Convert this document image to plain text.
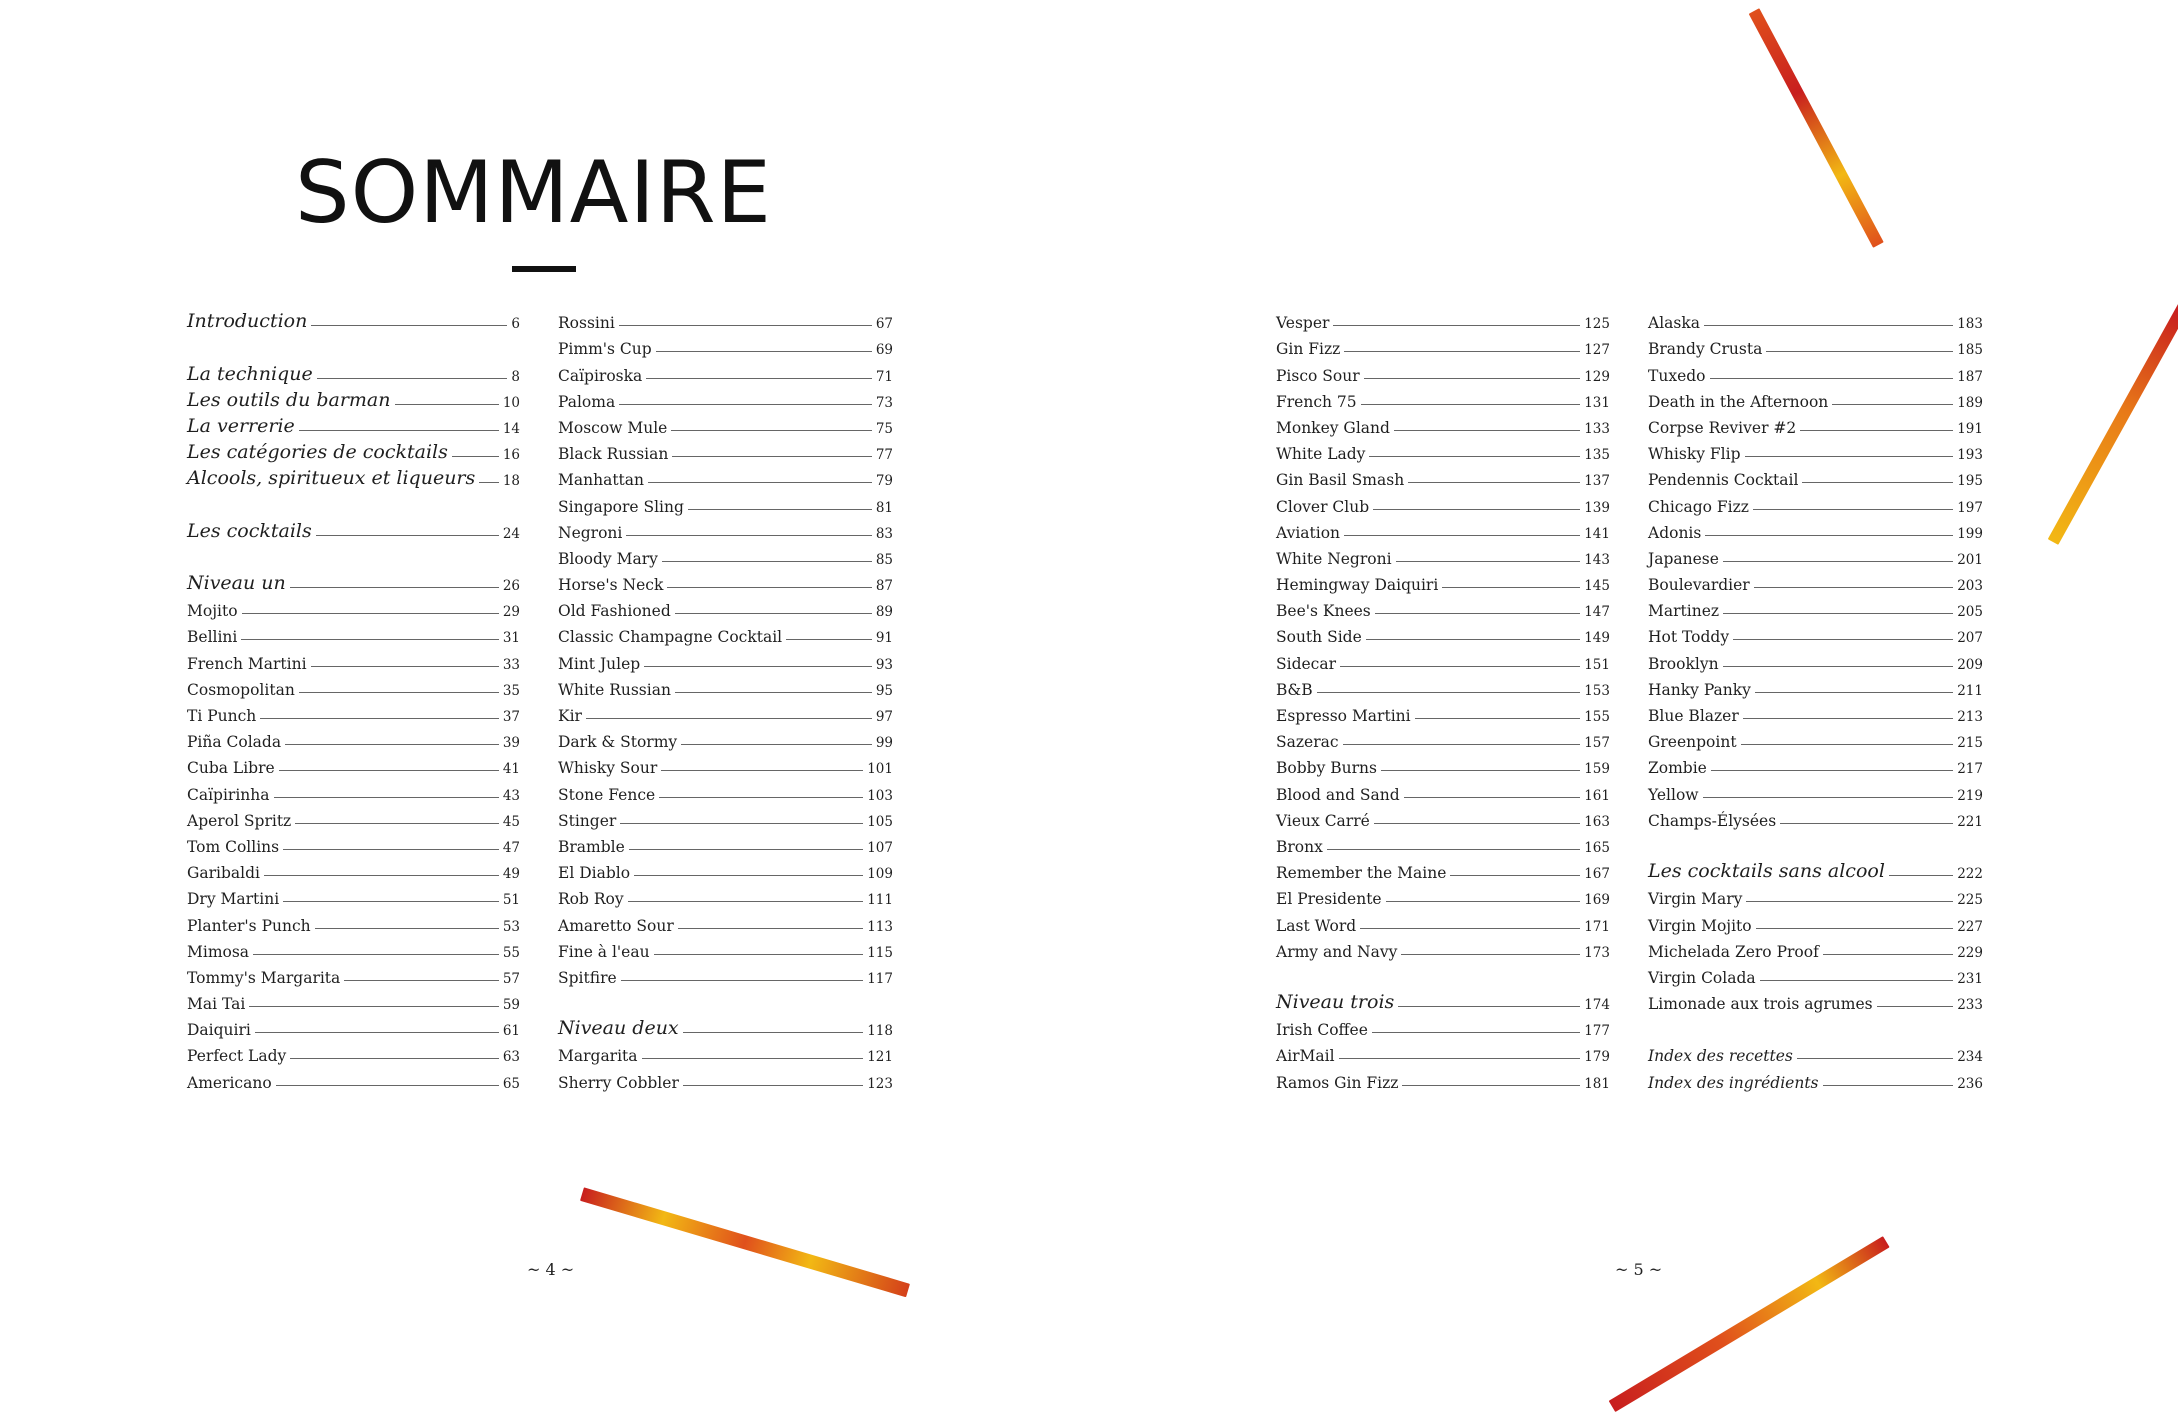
SOMMAIRE
Introduction	6
La technique	8
Les outils du barman	10
La verrerie	14
Les catégories de cocktails	16
Alcools, spiritueux et liqueurs 18
Les cocktails	24
Niveau un	26
Mojito	29
Bellini	31
French Martini	33
Cosmopolitan	35
Ti Punch	37
Piña Colada	39
Cuba Libre	41
Caïpirinha	43
Aperol Spritz	45
Tom Collins	47
Garibaldi	49
Dry Martini	51
Planter's Punch	53
Mimosa	55
Tommy's Margarita	57
Mai Tai	59
Daiquiri	61
Perfect Lady	63
Americano	65
Rossini	67
Pimm's Cup	69
Caïpiroska	71
Paloma	73
Moscow Mule	75
Black Russian	77
Manhattan	79
Singapore Sling	81
Negroni	83
Bloody Mary	85
Horse's Neck	87
Old Fashioned	89
Classic Champagne Cocktail	91
Mint Julep	93
White Russian	95
Kir	97
Dark & Stormy	99
Whisky Sour	101
Stone Fence	103
Stinger	105
Bramble	107
El Diablo	109
Rob Roy	111
Amaretto Sour	113
Fine à l'eau	115
Spitfire	117
Niveau deux	118
Margarita	121
Sherry Cobbler	123
Vesper	125
Gin Fizz	127
Pisco Sour	129
French 75	131
Monkey Gland	133
White Lady	135
Gin Basil Smash	137
Clover Club	139
Aviation	141
White Negroni	143
Hemingway Daiquiri	145
Bee's Knees	147
South Side	149
Sidecar	151
B&B	153
Espresso Martini	155
Sazerac	157
Bobby Burns	159
Blood and Sand	161
Vieux Carré	163
Bronx	165
Remember the Maine	167
El Presidente	169
Last Word	171
Army and Navy	173
Niveau trois	174
Irish Coffee	177
AirMail	179
Ramos Gin Fizz	181
Alaska	183
Brandy Crusta	185
Tuxedo	187
Death in the Afternoon	189
Corpse Reviver #2	191
Whisky Flip	193
Pendennis Cocktail	195
Chicago Fizz	197
Adonis	199
Japanese	201
Boulevardier	203
Martinez	205
Hot Toddy	207
Brooklyn	209
Hanky Panky	211
Blue Blazer	213
Greenpoint	215
Zombie	217
Yellow	219
Champs-Élysées	221
Les cocktails sans alcool	222
Virgin Mary	225
Virgin Mojito	227
Michelada Zero Proof	229
Virgin Colada	231
Limonade aux trois agrumes	233
Index des recettes	234
Index des ingrédients	236
~ 4 ~	~ 5 ~
